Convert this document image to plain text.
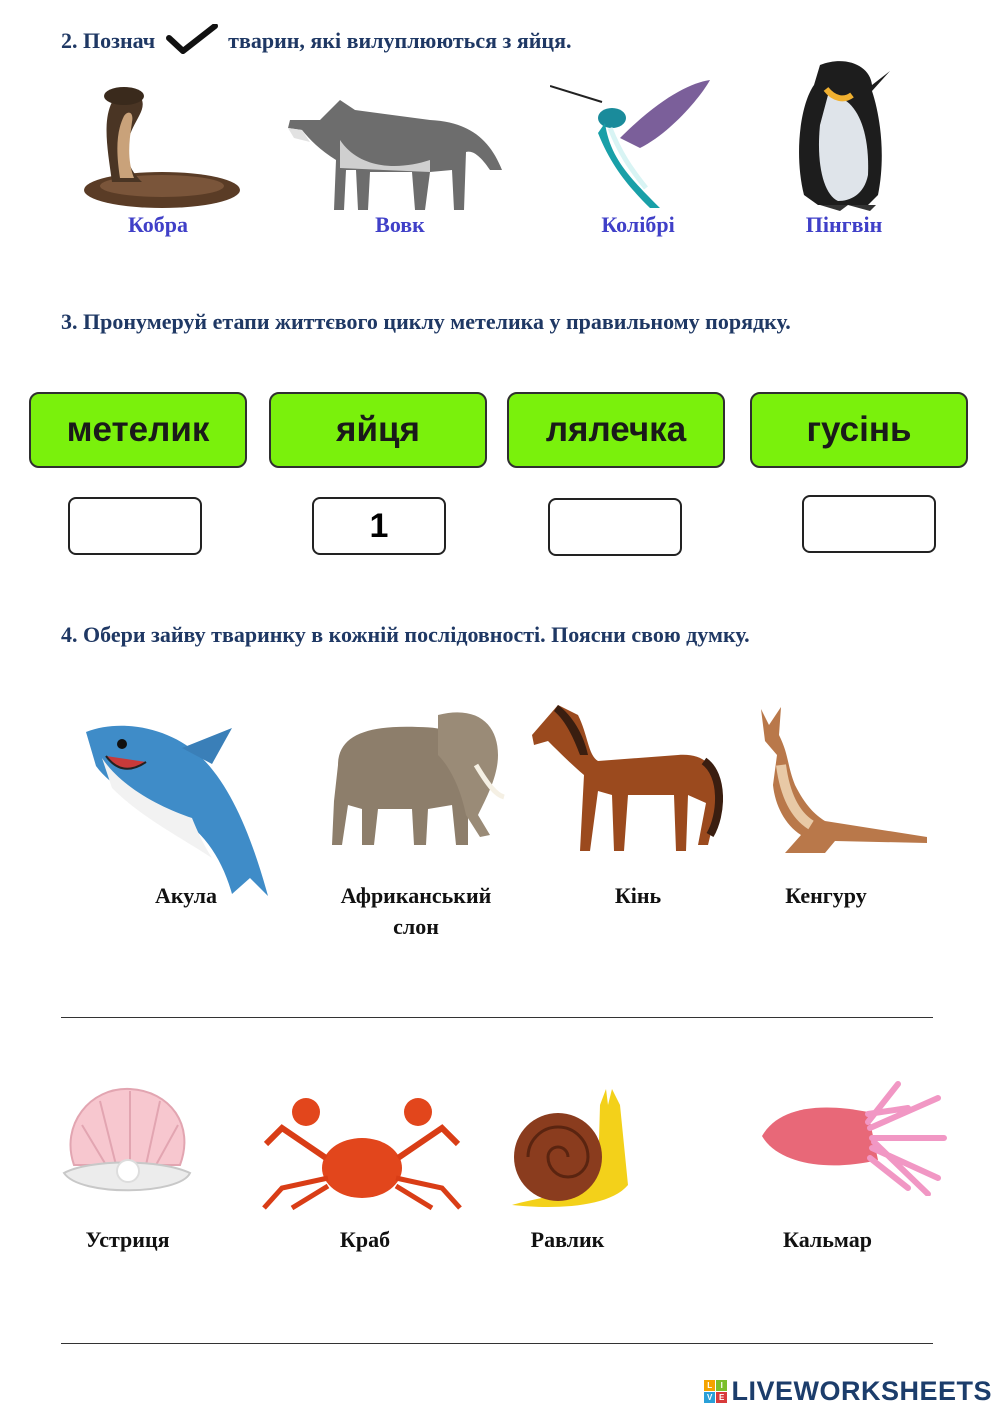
2. Познач	тварин, які вилуплюються з яйця.
Кобра	Вовк	Колібрі	Пінгвін
3. Пронумеруй етапи життєвого циклу метелика у правильному порядку.
метелик	яйця	лялечка	гусінь
1
4. Обери зайву тваринку в кожній послідовності. Поясни свою думку.
Акула	Африканський слон
Кінь	Кенгуру
Устриця	Краб	Равлик	Кальмар
L I
V E LIVEWORKSHEETS
